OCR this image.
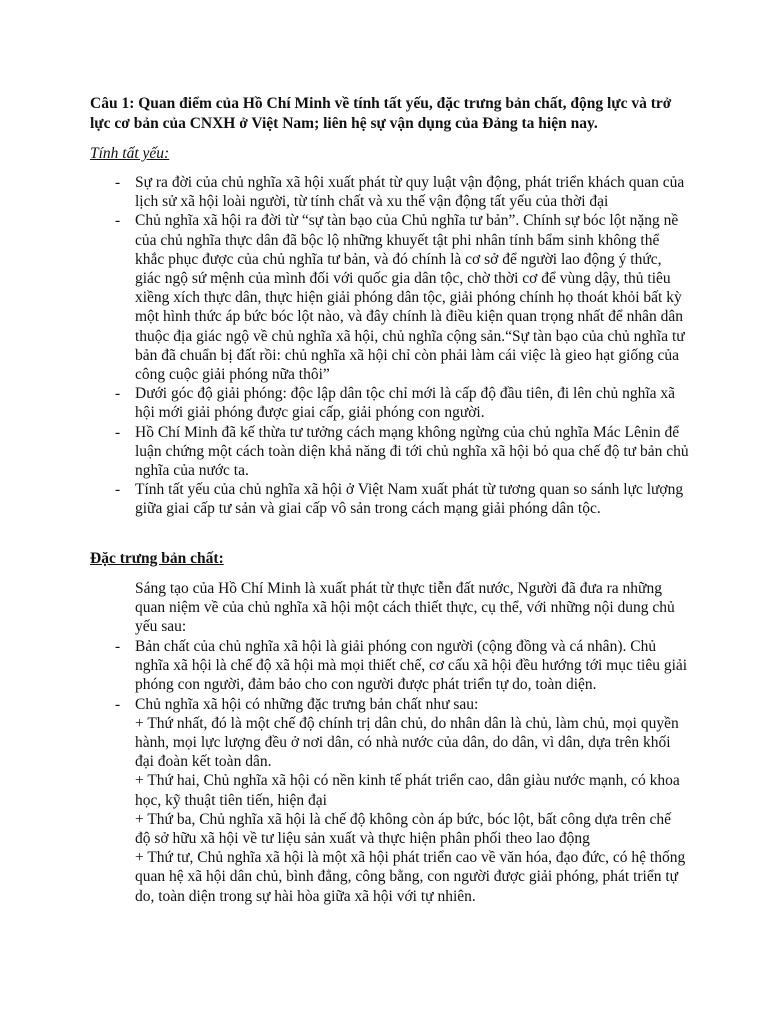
Câu 1: Quan điểm của Hồ Chí Minh về tính tất yếu, đặc trưng bản chất, động lực và trở lực cơ bản của CNXH ở Việt Nam; liên hệ sự vận dụng của Đảng ta hiện nay.

Tính tất yếu:

- Sự ra đời của chủ nghĩa xã hội xuất phát từ quy luật vận động, phát triển khách quan của lịch sử xã hội loài người, từ tính chất và xu thế vận động tất yếu của thời đại
- Chủ nghĩa xã hội ra đời từ “sự tàn bạo của Chủ nghĩa tư bản”. Chính sự bóc lột nặng nề của chủ nghĩa thực dân đã bộc lộ những khuyết tật phi nhân tính bẩm sinh không thể khắc phục được của chủ nghĩa tư bản, và đó chính là cơ sở để người lao động ý thức, giác ngộ sứ mệnh của mình đối với quốc gia dân tộc, chờ thời cơ để vùng dậy, thủ tiêu xiềng xích thực dân, thực hiện giải phóng dân tộc, giải phóng chính họ thoát khỏi bất kỳ một hình thức áp bức bóc lột nào, và đây chính là điều kiện quan trọng nhất để nhân dân thuộc địa giác ngộ về chủ nghĩa xã hội, chủ nghĩa cộng sản.“Sự tàn bạo của chủ nghĩa tư bản đã chuẩn bị đất rồi: chủ nghĩa xã hội chỉ còn phải làm cái việc là gieo hạt giống của công cuộc giải phóng nữa thôi”
- Dưới góc độ giải phóng: độc lập dân tộc chỉ mới là cấp độ đầu tiên, đi lên chủ nghĩa xã hội mới giải phóng được giai cấp, giải phóng con người.
- Hồ Chí Minh đã kế thừa tư tưởng cách mạng không ngừng của chủ nghĩa Mác Lênin để luận chứng một cách toàn diện khả năng đi tới chủ nghĩa xã hội bỏ qua chế độ tư bản chủ nghĩa của nước ta.
- Tính tất yếu của chủ nghĩa xã hội ở Việt Nam xuất phát từ tương quan so sánh lực lượng giữa giai cấp tư sản và giai cấp vô sản trong cách mạng giải phóng dân tộc.

Đặc trưng bản chất:

Sáng tạo của Hồ Chí Minh là xuất phát từ thực tiễn đất nước, Người đã đưa ra những quan niệm về của chủ nghĩa xã hội một cách thiết thực, cụ thể, với những nội dung chủ yếu sau:

- Bản chất của chủ nghĩa xã hội là giải phóng con người (cộng đồng và cá nhân). Chủ nghĩa xã hội là chế độ xã hội mà mọi thiết chế, cơ cấu xã hội đều hướng tới mục tiêu giải phóng con người, đảm bảo cho con người được phát triển tự do, toàn diện.

- Chủ nghĩa xã hội có những đặc trưng bản chất như sau:

+ Thứ nhất, đó là một chế độ chính trị dân chủ, do nhân dân là chủ, làm chủ, mọi quyền hành, mọi lực lượng đều ở nơi dân, có nhà nước của dân, do dân, vì dân, dựa trên khối đại đoàn kết toàn dân.

+ Thứ hai, Chủ nghĩa xã hội có nền kinh tế phát triển cao, dân giàu nước mạnh, có khoa học, kỹ thuật tiên tiến, hiện đại

+ Thứ ba, Chủ nghĩa xã hội là chế độ không còn áp bức, bóc lột, bất công dựa trên chế độ sở hữu xã hội về tư liệu sản xuất và thực hiện phân phối theo lao động

+ Thứ tư, Chủ nghĩa xã hội là một xã hội phát triển cao về văn hóa, đạo đức, có hệ thống quan hệ xã hội dân chủ, bình đẳng, công bằng, con người được giải phóng, phát triển tự do, toàn diện trong sự hài hòa giữa xã hội với tự nhiên.
